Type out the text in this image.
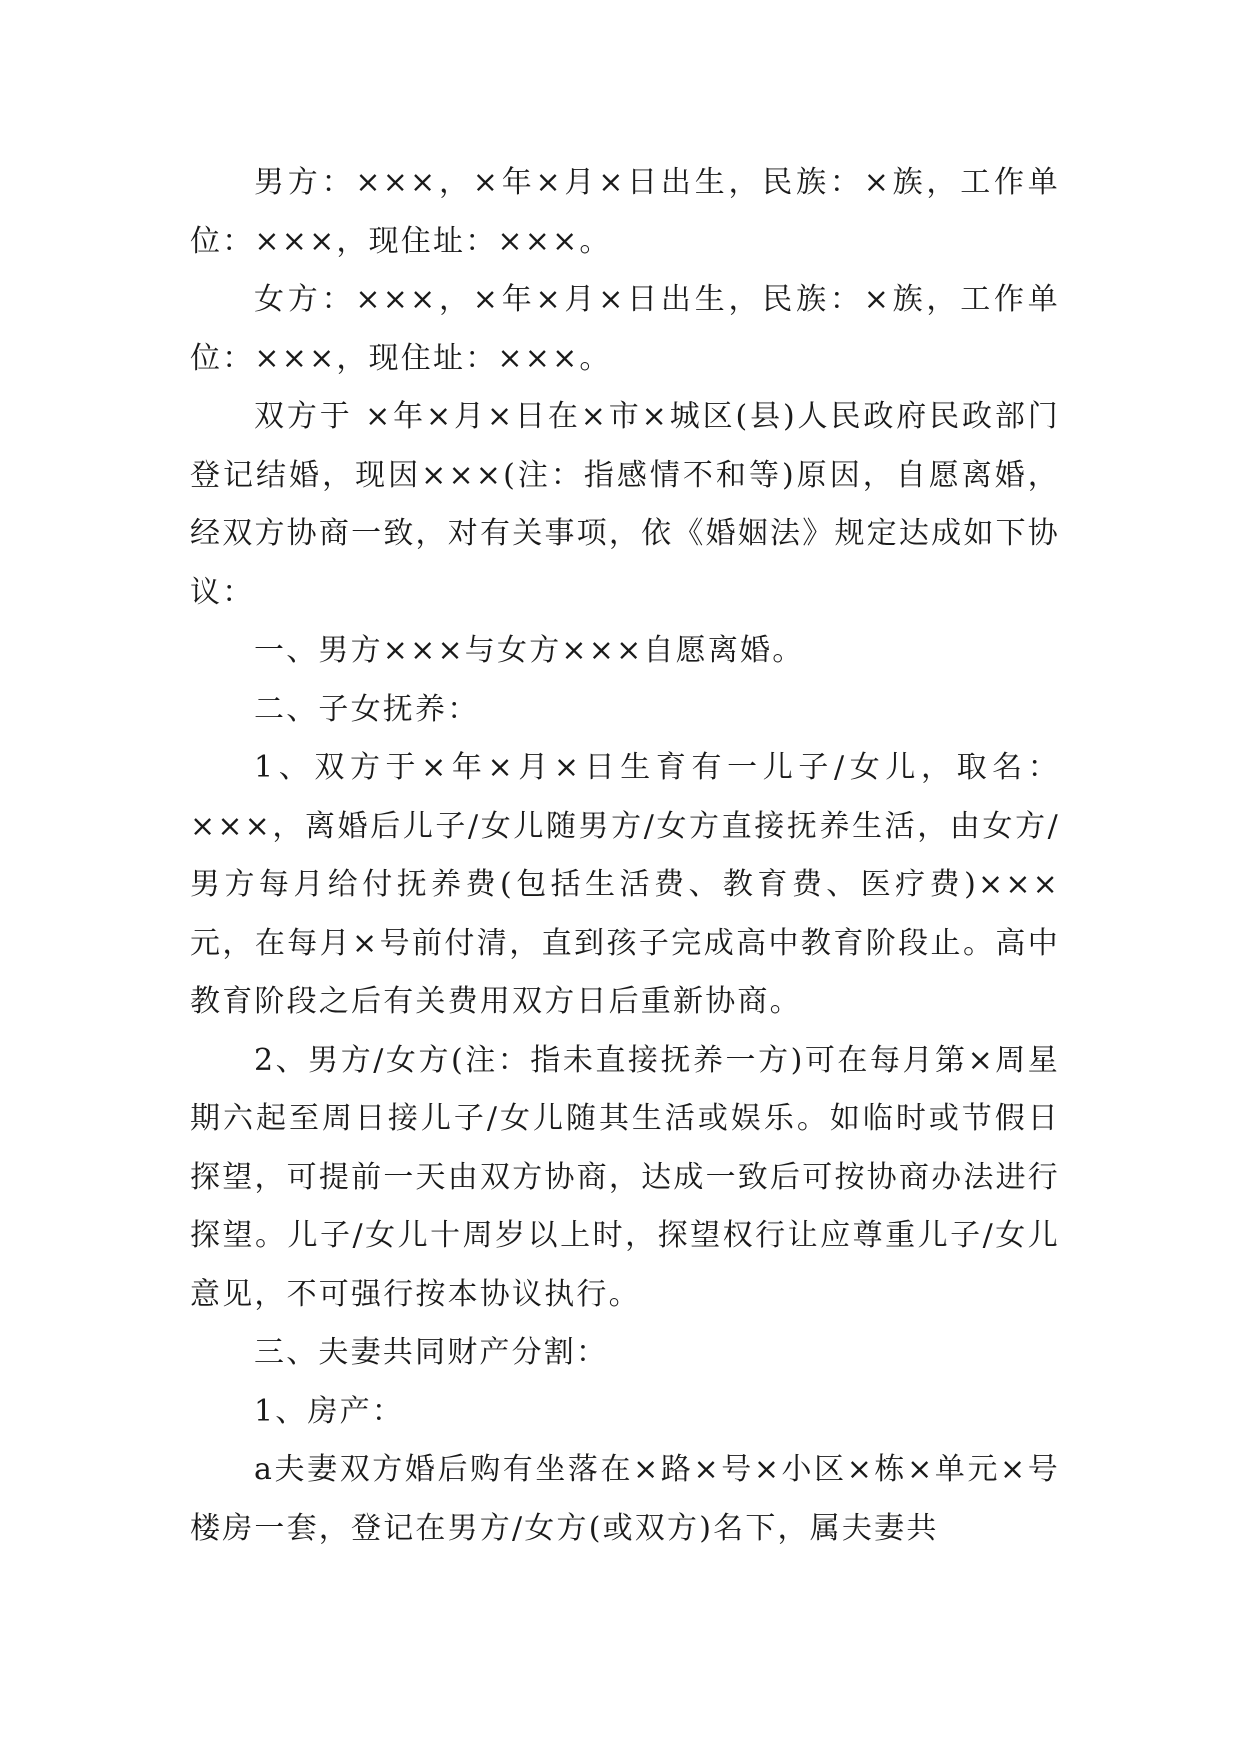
男方：×××，×年×月×日出生，民族：×族，工作单位：×××，现住址：×××。

女方：×××，×年×月×日出生，民族：×族，工作单位：×××，现住址：×××。

双方于 ×年×月×日在×市×城区(县)人民政府民政部门登记结婚，现因×××(注：指感情不和等)原因，自愿离婚，经双方协商一致，对有关事项，依《婚姻法》规定达成如下协议：

一、男方×××与女方×××自愿离婚。

二、子女抚养：

1、双方于×年×月×日生育有一儿子/女儿，取名：×××，离婚后儿子/女儿随男方/女方直接抚养生活，由女方/男方每月给付抚养费(包括生活费、教育费、医疗费)×××元，在每月×号前付清，直到孩子完成高中教育阶段止。高中教育阶段之后有关费用双方日后重新协商。

2、男方/女方(注：指未直接抚养一方)可在每月第×周星期六起至周日接儿子/女儿随其生活或娱乐。如临时或节假日探望，可提前一天由双方协商，达成一致后可按协商办法进行探望。儿子/女儿十周岁以上时，探望权行让应尊重儿子/女儿意见，不可强行按本协议执行。

三、夫妻共同财产分割：

1、房产：

a夫妻双方婚后购有坐落在×路×号×小区×栋×单元×号楼房一套，登记在男方/女方(或双方)名下，属夫妻共
